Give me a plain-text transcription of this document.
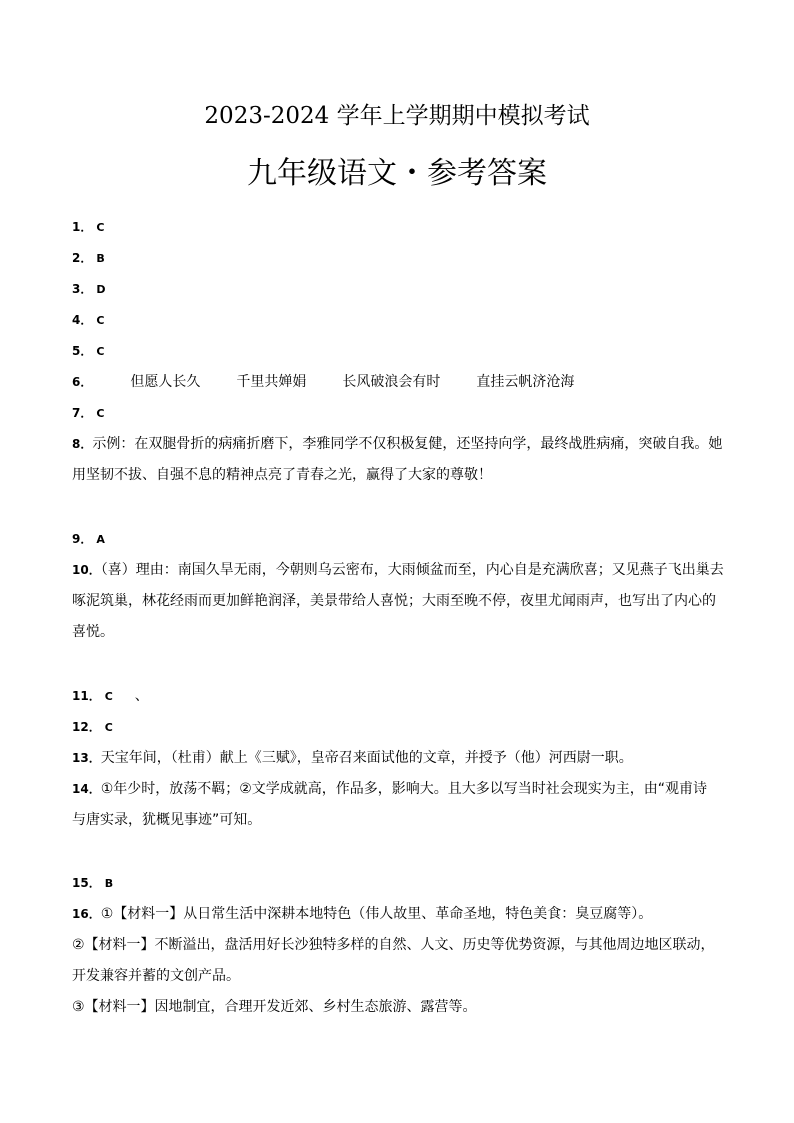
2023-2024 学年上学期期中模拟考试
九年级语文・参考答案
1． C
2． B
3． D
4． C
5． C
6．	但愿人长久	千里共婵娟	长风破浪会有时	直挂云帆济沧海
7． C
8．示例：在双腿骨折的病痛折磨下，李雅同学不仅积极复健，还坚持向学，最终战胜病痛，突破自我。她
用坚韧不拔、自强不息的精神点亮了青春之光，赢得了大家的尊敬！
9． A
10．（喜）理由：南国久旱无雨，今朝则乌云密布，大雨倾盆而至，内心自是充满欣喜；又见燕子飞出巢去
啄泥筑巢，林花经雨而更加鲜艳润泽，美景带给人喜悦；大雨至晚不停，夜里尤闻雨声，也写出了内心的
喜悦。
11． C 、
12． C
13．天宝年间，（杜甫）献上《三赋》，皇帝召来面试他的文章，并授予（他）河西尉一职。
14．①年少时，放荡不羁；②文学成就高，作品多，影响大。且大多以写当时社会现实为主，由“观甫诗
与唐实录，犹概见事迹”可知。
15． B
16．①【材料一】从日常生活中深耕本地特色（伟人故里、革命圣地，特色美食：臭豆腐等）。
②【材料一】不断溢出，盘活用好长沙独特多样的自然、人文、历史等优势资源，与其他周边地区联动，
开发兼容并蓄的文创产品。
③【材料一】因地制宜，合理开发近郊、乡村生态旅游、露营等。
